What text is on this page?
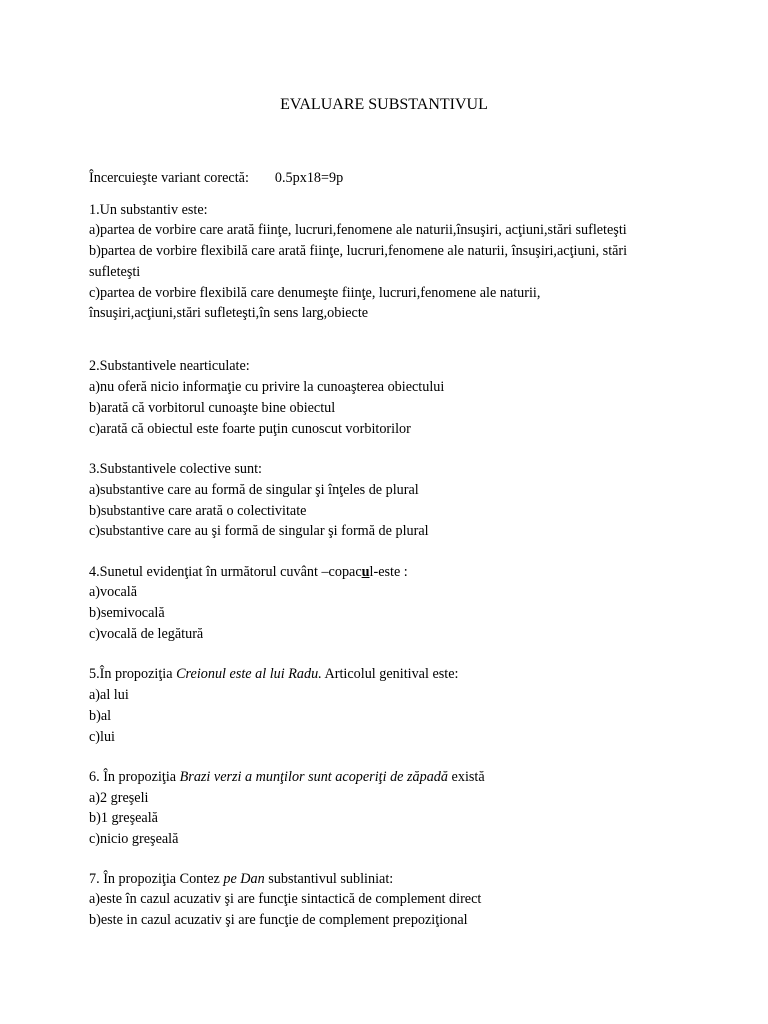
EVALUARE SUBSTANTIVUL
Încercuieşte variant corectă: 0.5px18=9p
1.Un substantiv este:
a)partea de vorbire care arată fiinţe, lucruri,fenomene ale naturii,însuşiri, acţiuni,stări sufleteşti
b)partea de vorbire flexibilă care arată fiinţe, lucruri,fenomene ale naturii, însuşiri,acţiuni, stări
sufleteşti
c)partea de vorbire flexibilă care denumeşte fiinţe, lucruri,fenomene ale naturii,
însuşiri,acţiuni,stări sufleteşti,în sens larg,obiecte
2.Substantivele nearticulate:
a)nu oferă nicio informaţie cu privire la cunoaşterea obiectului
b)arată că vorbitorul cunoaşte bine obiectul
c)arată că obiectul este foarte puţin cunoscut vorbitorilor
3.Substantivele colective sunt:
a)substantive care au formă de singular şi înţeles de plural
b)substantive care arată o colectivitate
c)substantive care au şi formă de singular şi formă de plural
4.Sunetul evidenţiat în următorul cuvânt –copacul-este :
a)vocală
b)semivocală
c)vocală de legătură
5.În propoziţia Creionul este al lui Radu. Articolul genitival este:
a)al lui
b)al
c)lui
6. În propoziţia Brazi verzi a munţilor sunt acoperiţi de zăpadă există
a)2 greşeli
b)1 greşeală
c)nicio greşeală
7. În propoziţia Contez pe Dan substantivul subliniat:
a)este în cazul acuzativ şi are funcţie sintactică de complement direct
b)este in cazul acuzativ şi are funcţie de complement prepoziţional
